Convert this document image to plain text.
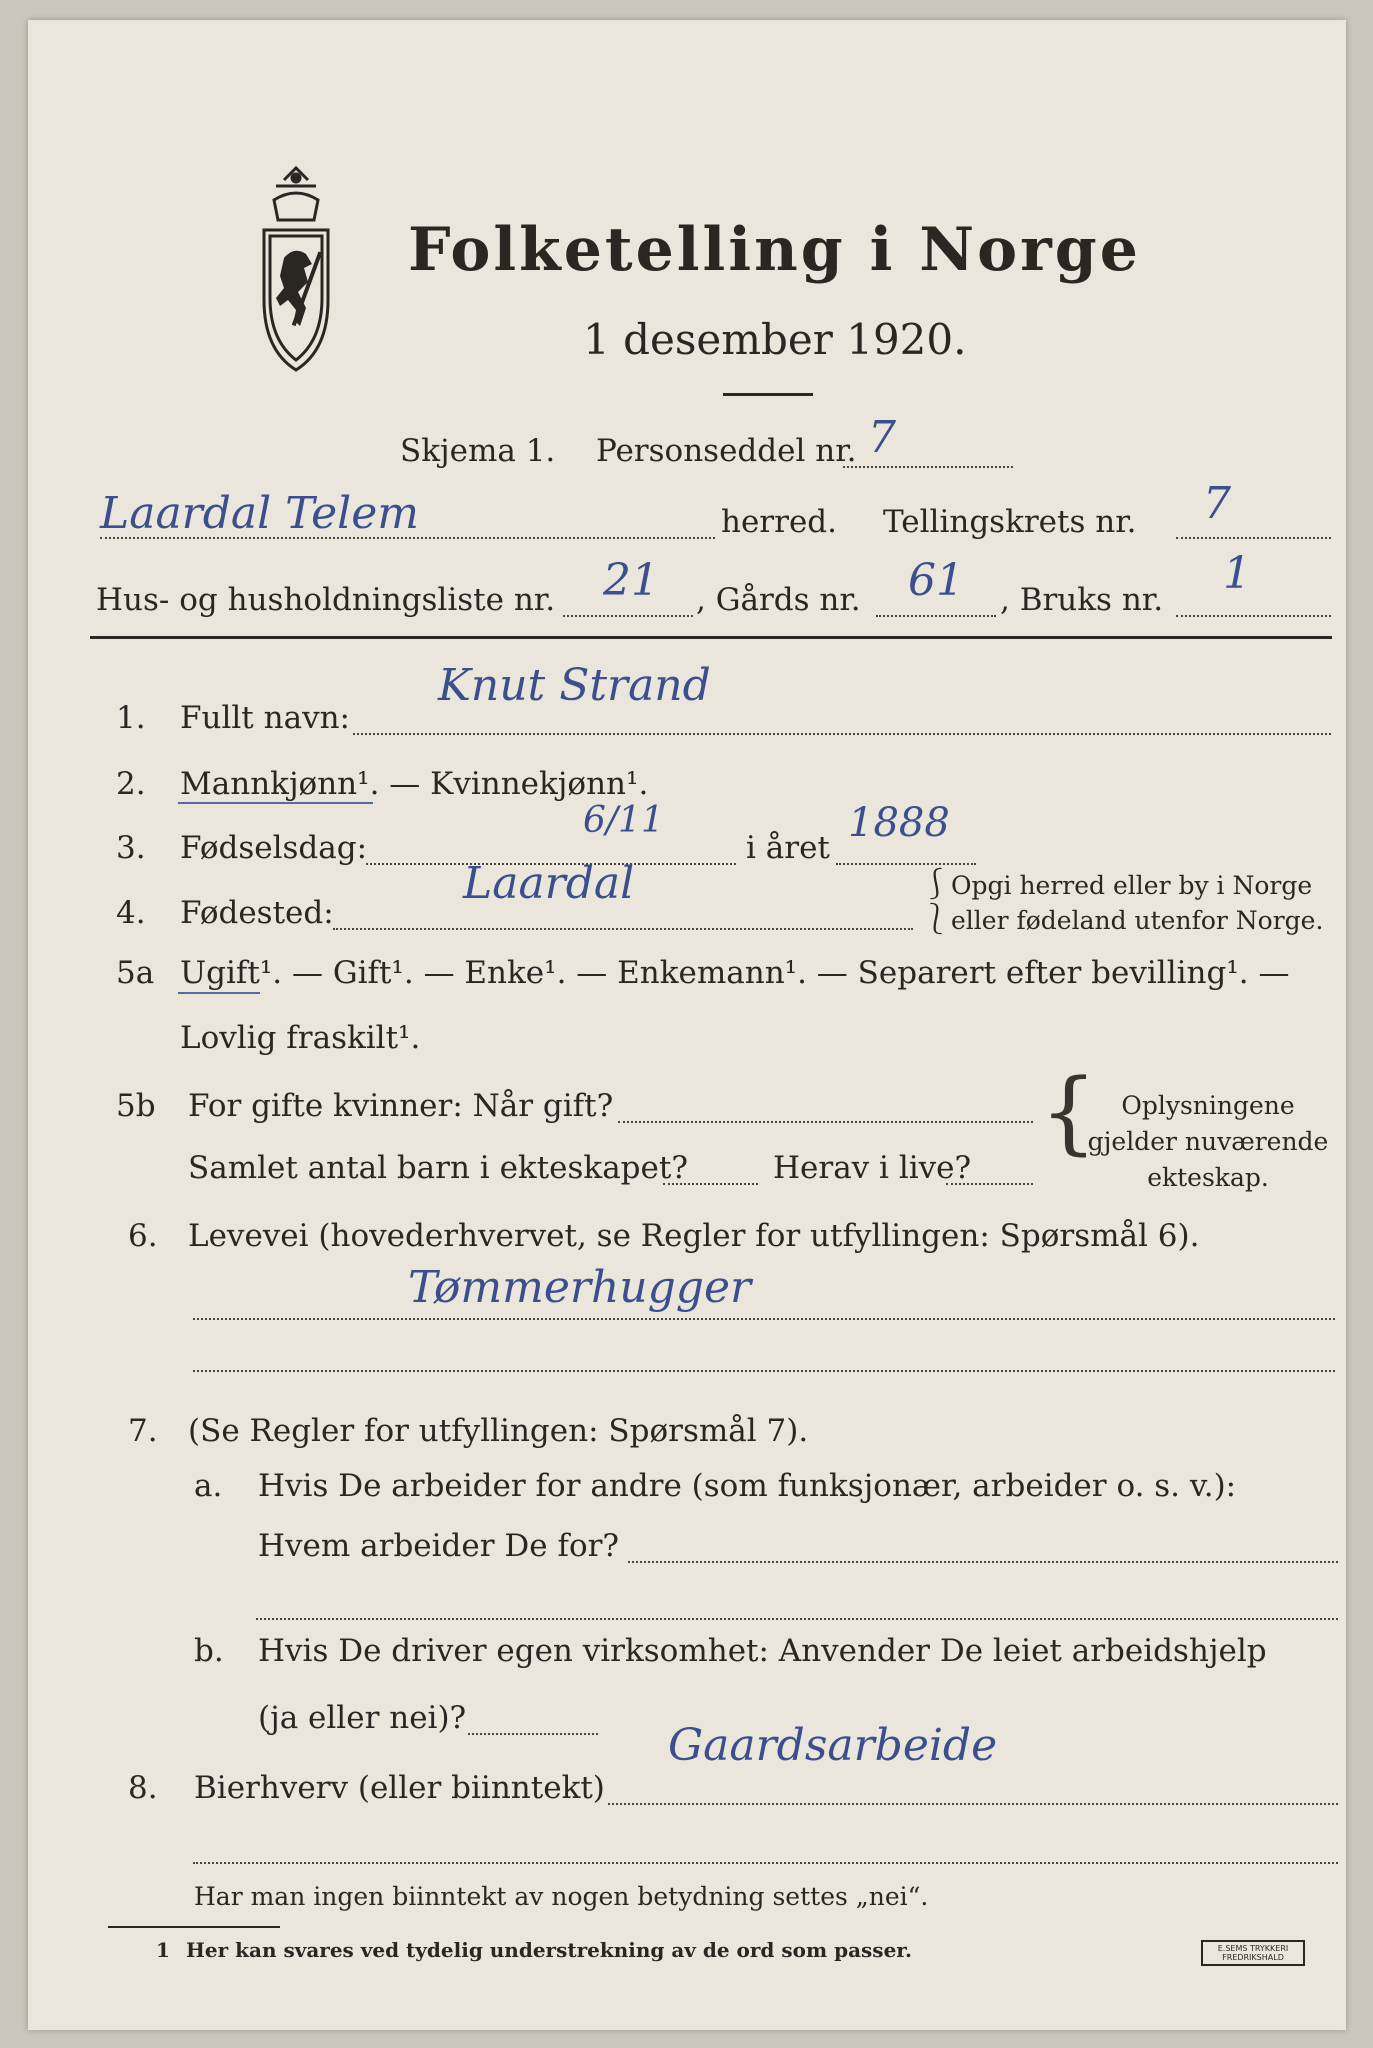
Folketelling i Norge
1 desember 1920.
Skjema 1. Personseddel nr. 7
Laardal Telem	herred. Tellingskrets nr. 7
Hus- og husholdningsliste nr. 21 , Gårds nr. 61 , Bruks nr.
1
1. Fullt navn:
Knut Strand
2. Mannkjønn¹. — Kvinnekjønn¹.
3. Fødselsdag:
6/11
i året
1888
4. Fødested:
Laardal	⎰Opgi herred eller by i Norge
⎱eller fødeland utenfor Norge.
5a Ugift¹. — Gift¹. — Enke¹. — Enkemann¹. — Separert efter bevilling¹. —
Lovlig fraskilt¹.
5b For gifte kvinner: Når gift?
Samlet antal barn i ekteskapet?	Herav i live?
{ Oplysningene
gjelder nuværende
ekteskap.
6. Levevei (hovederhvervet, se Regler for utfyllingen: Spørsmål 6).
Tømmerhugger
7. (Se Regler for utfyllingen: Spørsmål 7).
a. Hvis De arbeider for andre (som funksjonær, arbeider o. s. v.):
Hvem arbeider De for?
b. Hvis De driver egen virksomhet: Anvender De leiet arbeidshjelp
(ja eller nei)?
8. Bierhverv (eller biinntekt)
Gaardsarbeide
Har man ingen biinntekt av nogen betydning settes „nei“.
1 Her kan svares ved tydelig understrekning av de ord som passer.	E.SEMS TRYKKERI FREDRIKSHALD
